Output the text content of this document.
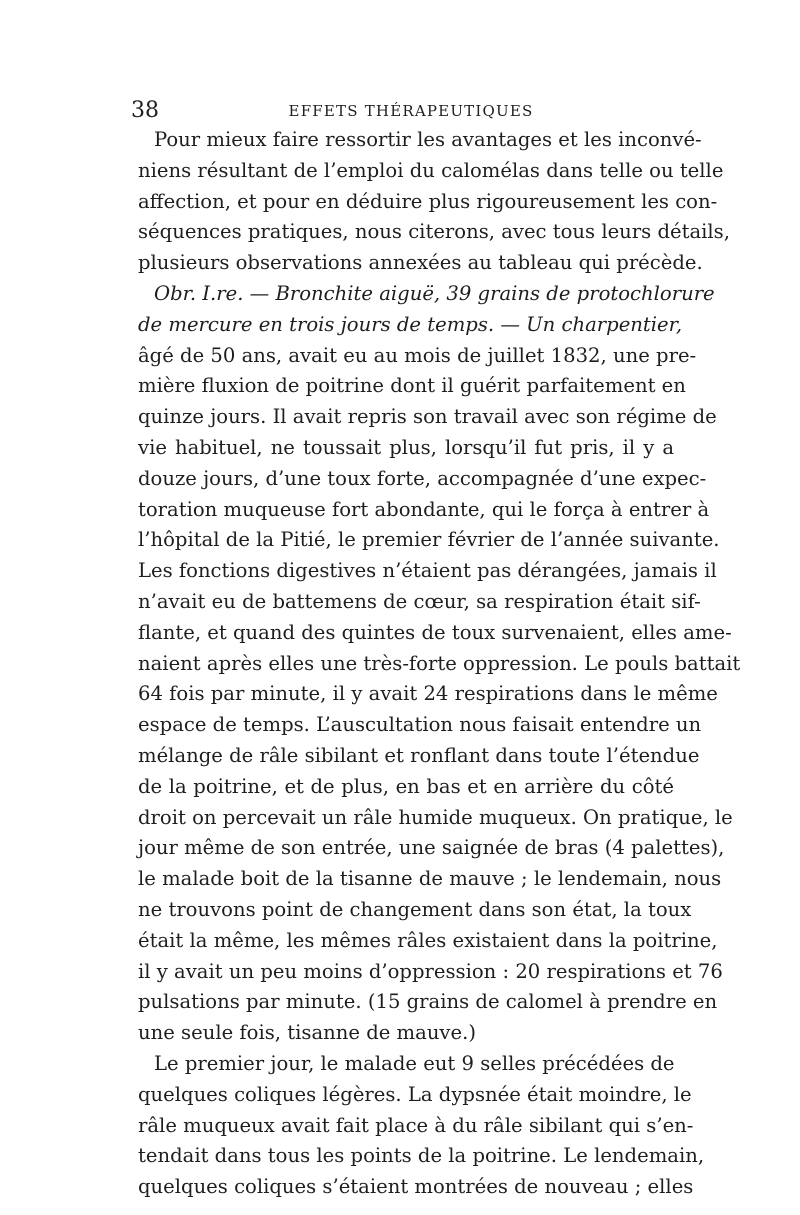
38	EFFETS THÉRAPEUTIQUES
Pour mieux faire ressortir les avantages et les inconvé-
niens résultant de l’emploi du calomélas dans telle ou telle
affection, et pour en déduire plus rigoureusement les con-
séquences pratiques, nous citerons, avec tous leurs détails,
plusieurs observations annexées au tableau qui précède.
Obr. I.re. — Bronchite aiguë, 39 grains de protochlorure
de mercure en trois jours de temps. — Un charpentier,
âgé de 50 ans, avait eu au mois de juillet 1832, une pre-
mière fluxion de poitrine dont il guérit parfaitement en
quinze jours. Il avait repris son travail avec son régime de
vie habituel, ne toussait plus, lorsqu’il fut pris, il y a
douze jours, d’une toux forte, accompagnée d’une expec-
toration muqueuse fort abondante, qui le força à entrer à
l’hôpital de la Pitié, le premier février de l’année suivante.
Les fonctions digestives n’étaient pas dérangées, jamais il
n’avait eu de battemens de cœur, sa respiration était sif-
flante, et quand des quintes de toux survenaient, elles ame-
naient après elles une très-forte oppression. Le pouls battait
64 fois par minute, il y avait 24 respirations dans le même
espace de temps. L’auscultation nous faisait entendre un
mélange de râle sibilant et ronflant dans toute l’étendue
de la poitrine, et de plus, en bas et en arrière du côté
droit on percevait un râle humide muqueux. On pratique, le
jour même de son entrée, une saignée de bras (4 palettes),
le malade boit de la tisanne de mauve ; le lendemain, nous
ne trouvons point de changement dans son état, la toux
était la même, les mêmes râles existaient dans la poitrine,
il y avait un peu moins d’oppression : 20 respirations et 76
pulsations par minute. (15 grains de calomel à prendre en
une seule fois, tisanne de mauve.)
Le premier jour, le malade eut 9 selles précédées de
quelques coliques légères. La dypsnée était moindre, le
râle muqueux avait fait place à du râle sibilant qui s’en-
tendait dans tous les points de la poitrine. Le lendemain,
quelques coliques s’étaient montrées de nouveau ; elles
